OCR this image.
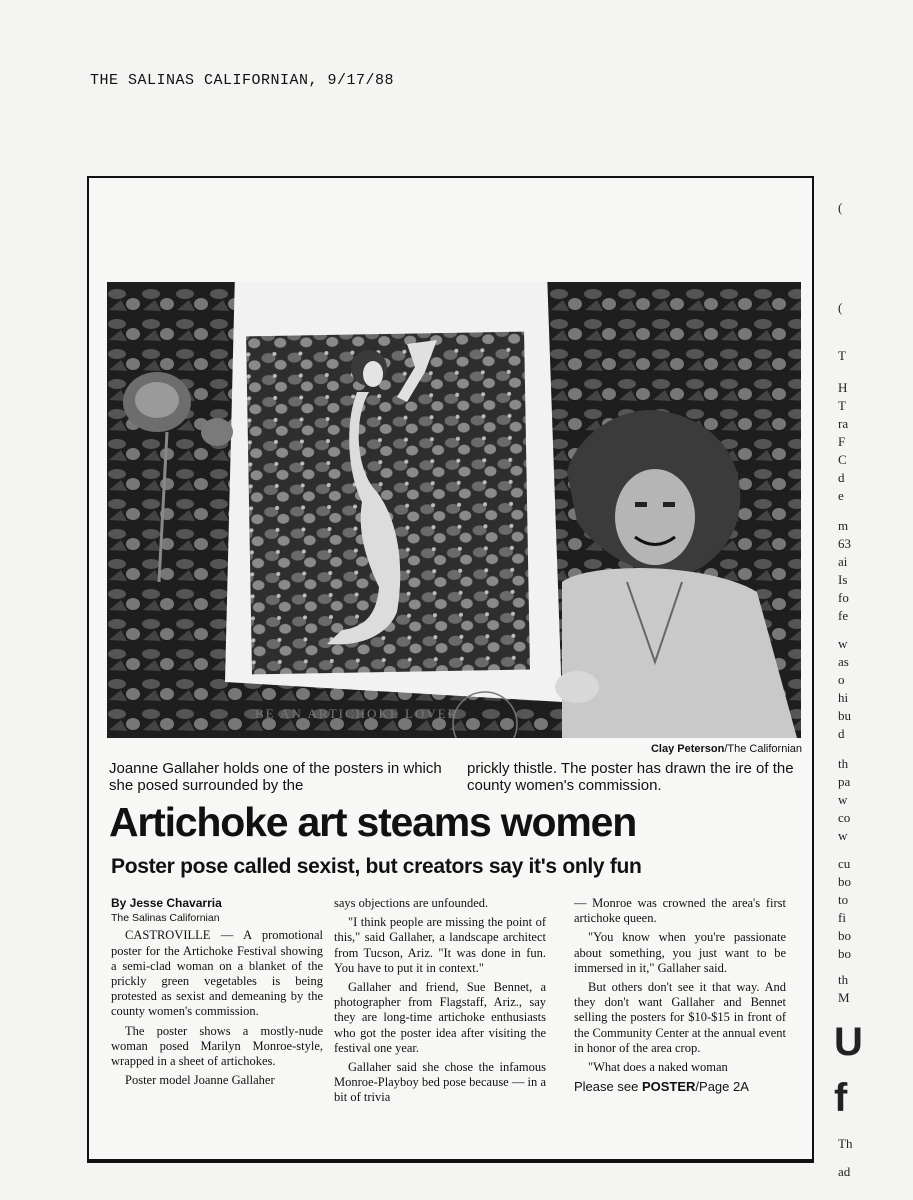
THE SALINAS CALIFORNIAN, 9/17/88
BE AN ARTICHOKE LOVER
Clay Peterson/The Californian
Joanne Gallaher holds one of the posters in which she posed surrounded by the
prickly thistle. The poster has drawn the ire of the county women's commission.
Artichoke art steams women
Poster pose called sexist, but creators say it's only fun
By Jesse Chavarria
The Salinas Californian

CASTROVILLE — A promotional poster for the Artichoke Festival showing a semi-clad woman on a blanket of the prickly green vegetables is being protested as sexist and demeaning by the county women's commission.

The poster shows a mostly-nude woman posed Marilyn Monroe-style, wrapped in a sheet of artichokes.

Poster model Joanne Gallaher

says objections are unfounded.

"I think people are missing the point of this," said Gallaher, a landscape architect from Tucson, Ariz. "It was done in fun. You have to put it in context."

Gallaher and friend, Sue Bennet, a photographer from Flagstaff, Ariz., say they are long-time artichoke enthusiasts who got the poster idea after visiting the festival one year.

Gallaher said she chose the infamous Monroe-Playboy bed pose because — in a bit of trivia

— Monroe was crowned the area's first artichoke queen.

"You know when you're passionate about something, you just want to be immersed in it," Gallaher said.

But others don't see it that way. And they don't want Gallaher and Bennet selling the posters for $10-$15 in front of the Community Center at the annual event in honor of the area crop.

"What does a naked woman

Please see POSTER/Page 2A
(
(
T
H
T
ra
F
C
d
e
m
63
ai
Is
fo
fe
w
as
o
hi
bu
d
th
pa
w
co
w
cu
bo
to
fi
bo
bo
th
M
U
f
Th
ad
